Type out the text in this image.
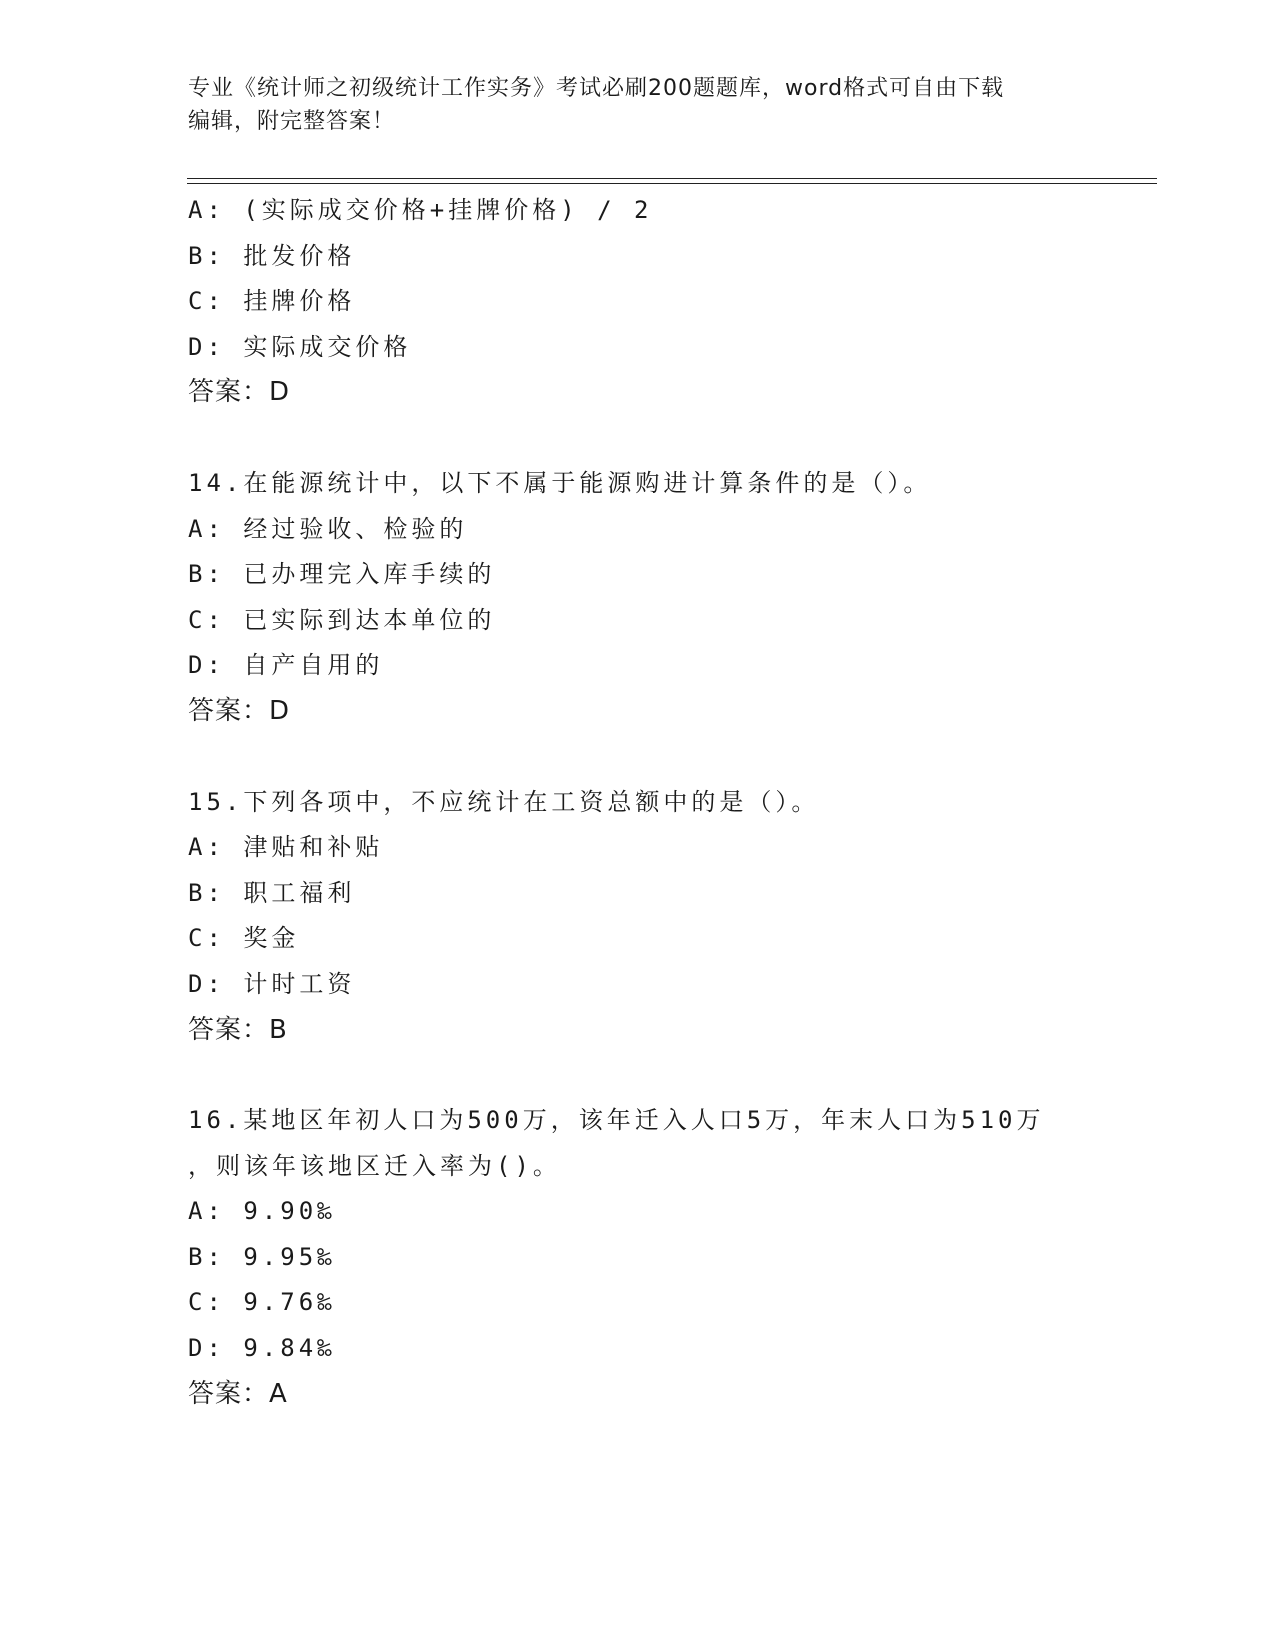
专业《统计师之初级统计工作实务》考试必刷200题题库，word格式可自由下载
编辑，附完整答案！
A: (实际成交价格+挂牌价格) / 2
B: 批发价格
C: 挂牌价格
D: 实际成交价格
答案：D
14.在能源统计中，以下不属于能源购进计算条件的是（）。
A: 经过验收、检验的
B: 已办理完入库手续的
C: 已实际到达本单位的
D: 自产自用的
答案：D
15.下列各项中，不应统计在工资总额中的是（）。
A: 津贴和补贴
B: 职工福利
C: 奖金
D: 计时工资
答案：B
16.某地区年初人口为500万，该年迁入人口5万，年末人口为510万
，则该年该地区迁入率为()。
A: 9.90‰
B: 9.95‰
C: 9.76‰
D: 9.84‰
答案：A
